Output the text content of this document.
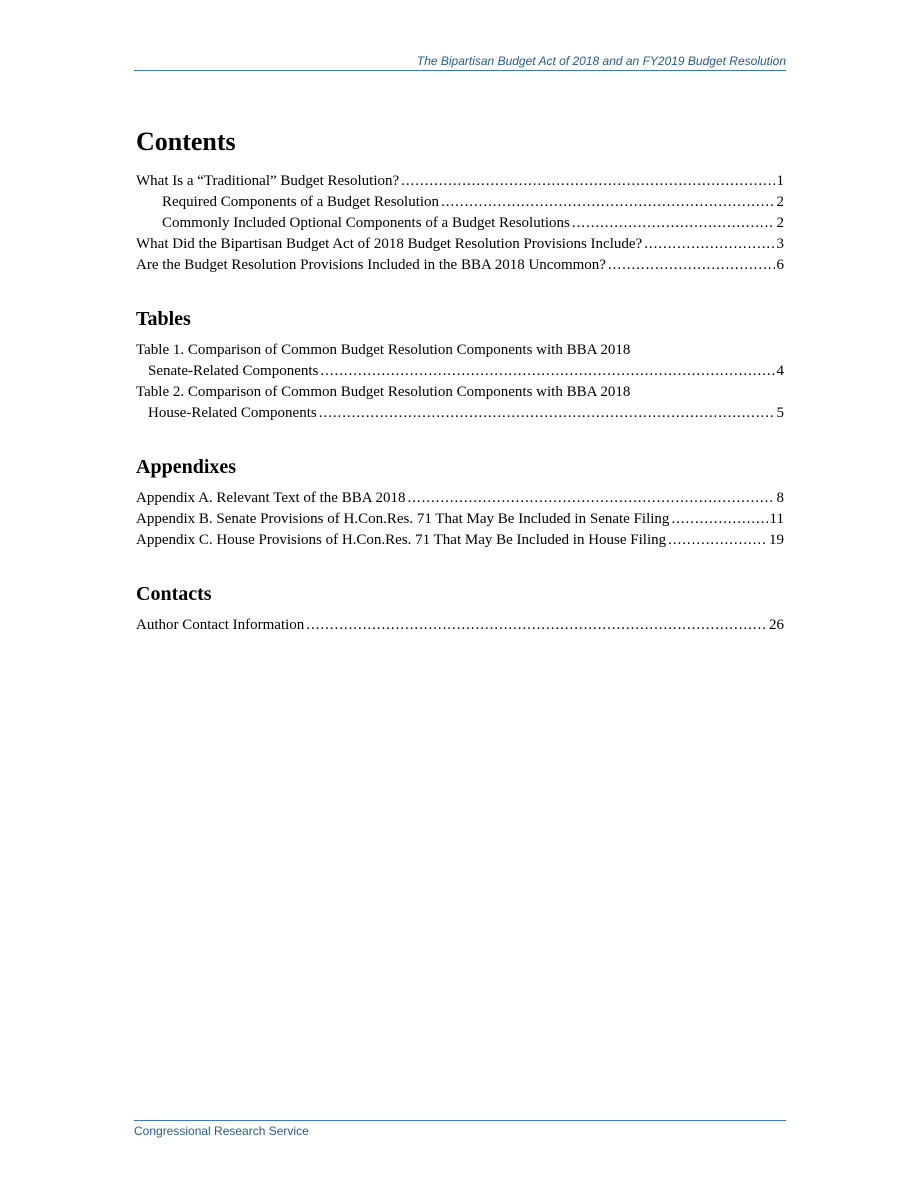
The Bipartisan Budget Act of 2018 and an FY2019 Budget Resolution
Contents
What Is a “Traditional” Budget Resolution? . . .	1
Required Components of a Budget Resolution . . .	2
Commonly Included Optional Components of a Budget Resolutions . . .	2
What Did the Bipartisan Budget Act of 2018 Budget Resolution Provisions Include? . . .	3
Are the Budget Resolution Provisions Included in the BBA 2018 Uncommon? . . .	6
Tables
Table 1. Comparison of Common Budget Resolution Components with BBA 2018
Senate-Related Components . . .	4
Table 2. Comparison of Common Budget Resolution Components with BBA 2018
House-Related Components . . .	5
Appendixes
Appendix A. Relevant Text of the BBA 2018 . . .	8
Appendix B. Senate Provisions of H.Con.Res. 71 That May Be Included in Senate Filing . . .	11
Appendix C. House Provisions of H.Con.Res. 71 That May Be Included in House Filing . . .	19
Contacts
Author Contact Information . . .	26
Congressional Research Service
